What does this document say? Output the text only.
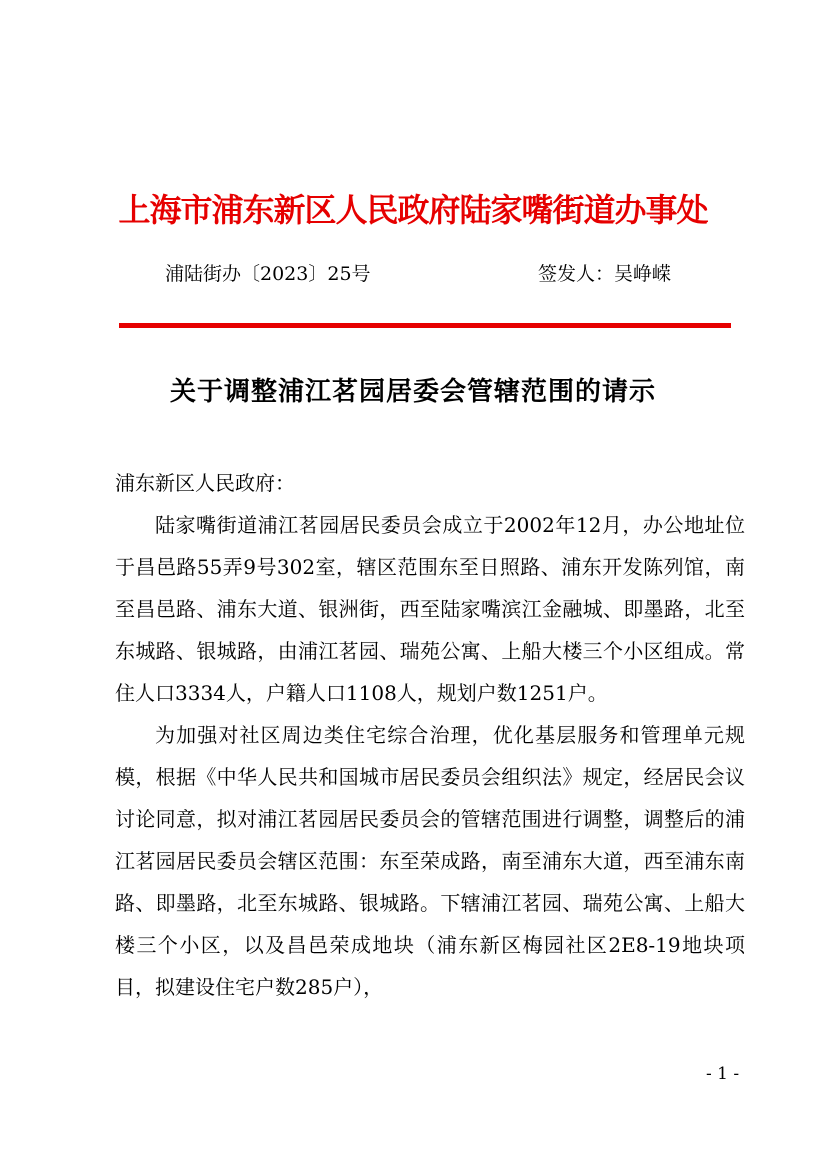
上海市浦东新区人民政府陆家嘴街道办事处
浦陆街办〔2023〕25号	签发人：吴峥嵘
关于调整浦江茗园居委会管辖范围的请示

浦东新区人民政府：

陆家嘴街道浦江茗园居民委员会成立于2002年12月，办公地址位于昌邑路55弄9号302室，辖区范围东至日照路、浦东开发陈列馆，南至昌邑路、浦东大道、银洲街，西至陆家嘴滨江金融城、即墨路，北至东城路、银城路，由浦江茗园、瑞苑公寓、上船大楼三个小区组成。常住人口3334人，户籍人口1108人，规划户数1251户。

为加强对社区周边类住宅综合治理，优化基层服务和管理单元规模，根据《中华人民共和国城市居民委员会组织法》规定，经居民会议讨论同意，拟对浦江茗园居民委员会的管辖范围进行调整，调整后的浦江茗园居民委员会辖区范围：东至荣成路，南至浦东大道，西至浦东南路、即墨路，北至东城路、银城路。下辖浦江茗园、瑞苑公寓、上船大楼三个小区，以及昌邑荣成地块（浦东新区梅园社区2E8-19地块项目，拟建设住宅户数285户），

- 1 -
